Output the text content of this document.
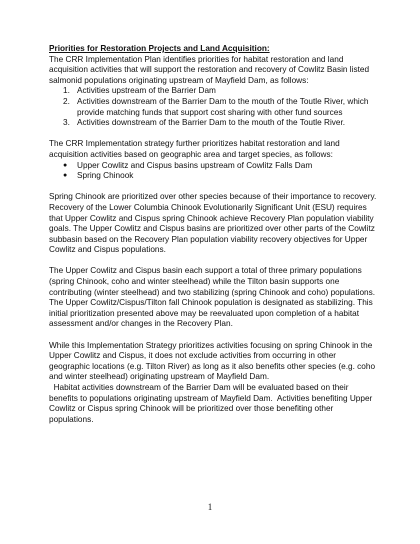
Priorities for Restoration Projects and Land Acquisition:

The CRR Implementation Plan identifies priorities for habitat restoration and land acquisition activities that will support the restoration and recovery of Cowlitz Basin listed salmonid populations originating upstream of Mayfield Dam, as follows:

1. Activities upstream of the Barrier Dam
2. Activities downstream of the Barrier Dam to the mouth of the Toutle River, which provide matching funds that support cost sharing with other fund sources
3. Activities downstream of the Barrier Dam to the mouth of the Toutle River.

The CRR Implementation strategy further prioritizes habitat restoration and land acquisition activities based on geographic area and target species, as follows:

● Upper Cowlitz and Cispus basins upstream of Cowlitz Falls Dam
● Spring Chinook

Spring Chinook are prioritized over other species because of their importance to recovery. Recovery of the Lower Columbia Chinook Evolutionarily Significant Unit (ESU) requires that Upper Cowlitz and Cispus spring Chinook achieve Recovery Plan population viability goals. The Upper Cowlitz and Cispus basins are prioritized over other parts of the Cowlitz subbasin based on the Recovery Plan population viability recovery objectives for Upper Cowlitz and Cispus populations.

The Upper Cowlitz and Cispus basin each support a total of three primary populations (spring Chinook, coho and winter steelhead) while the Tilton basin supports one contributing (winter steelhead) and two stabilizing (spring Chinook and coho) populations. The Upper Cowlitz/Cispus/Tilton fall Chinook population is designated as stabilizing. This initial prioritization presented above may be reevaluated upon completion of a habitat assessment and/or changes in the Recovery Plan.

While this Implementation Strategy prioritizes activities focusing on spring Chinook in the Upper Cowlitz and Cispus, it does not exclude activities from occurring in other geographic locations (e.g. Tilton River) as long as it also benefits other species (e.g. coho and winter steelhead) originating upstream of Mayfield Dam.
Habitat activities downstream of the Barrier Dam will be evaluated based on their benefits to populations originating upstream of Mayfield Dam.  Activities benefiting Upper Cowlitz or Cispus spring Chinook will be prioritized over those benefiting other populations.

1
